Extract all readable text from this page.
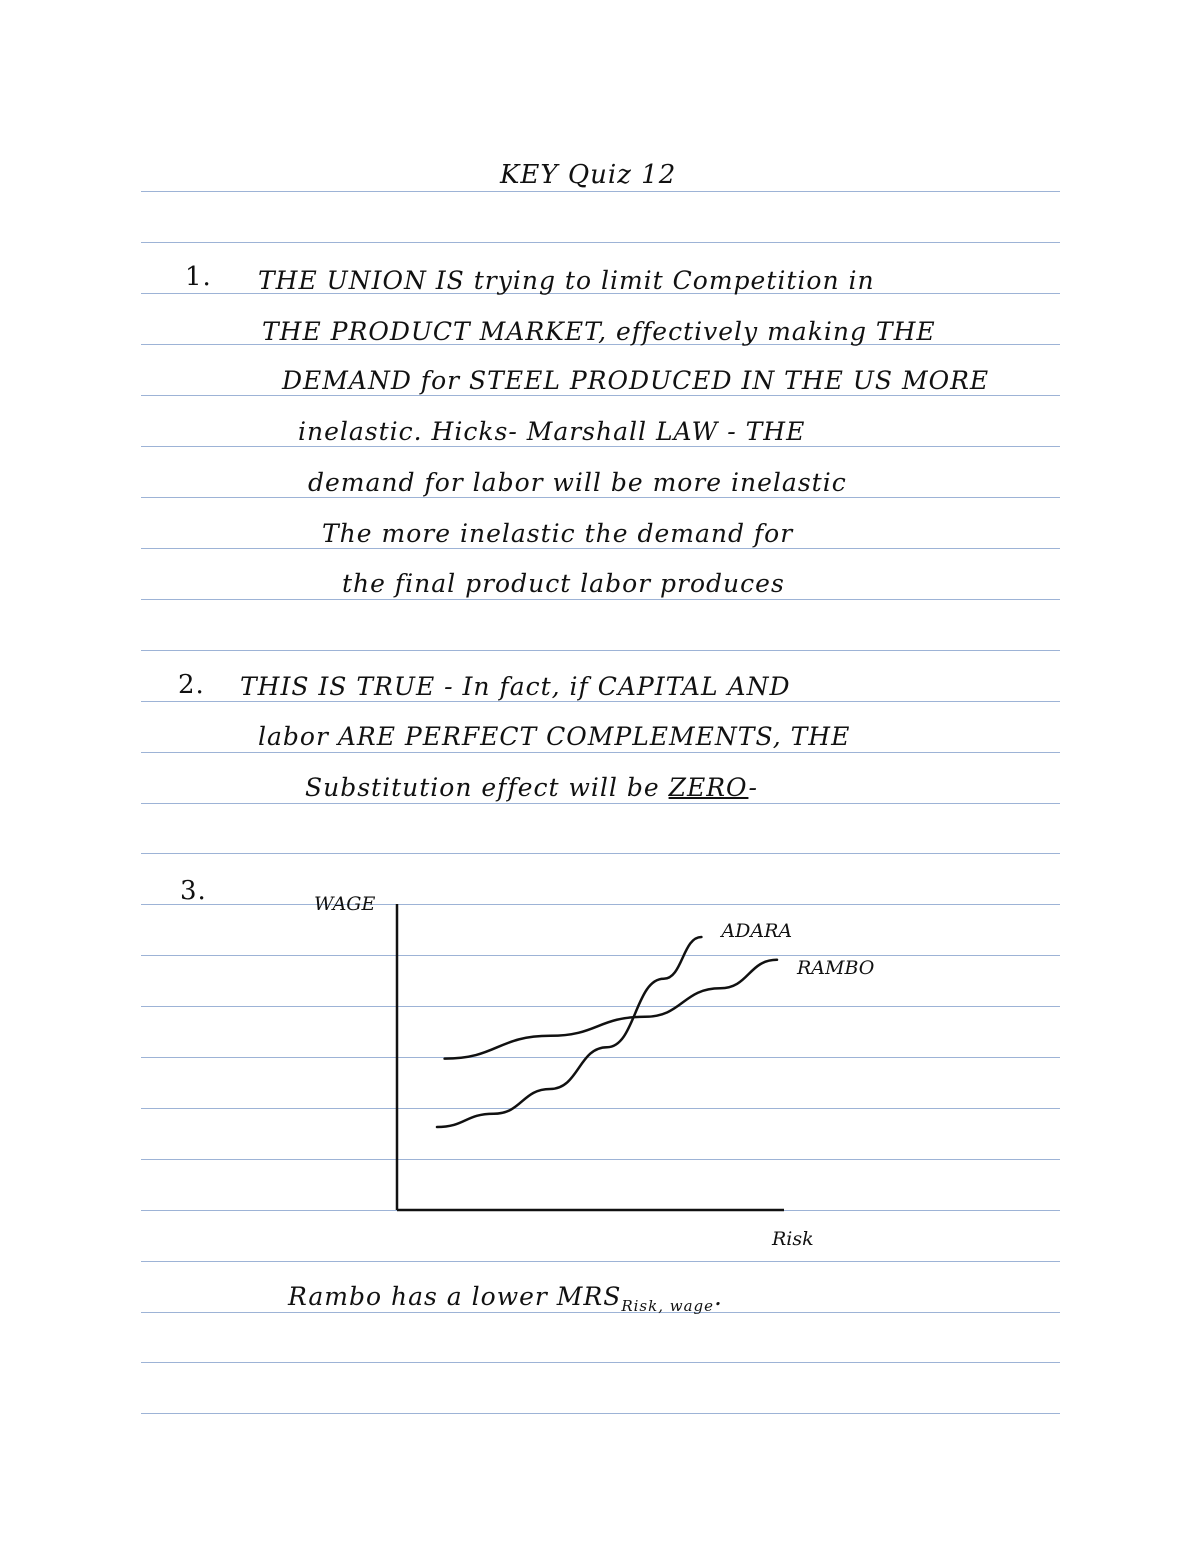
KEY Quiz 12
1. THE UNION IS trying to limit Competition in
THE PRODUCT MARKET, effectively making THE
DEMAND for STEEL PRODUCED IN THE US MORE
inelastic. Hicks- Marshall LAW - THE
demand for labor will be more inelastic
The more inelastic the demand for
the final product labor produces
2. THIS IS TRUE - In fact, if CAPITAL AND
labor ARE PERFECT COMPLEMENTS, THE
Substitution effect will be ZERO-
3.	WAGE
Risk
ADARA
RAMBO
Rambo has a lower $MRS_{Risk, wage}$.
